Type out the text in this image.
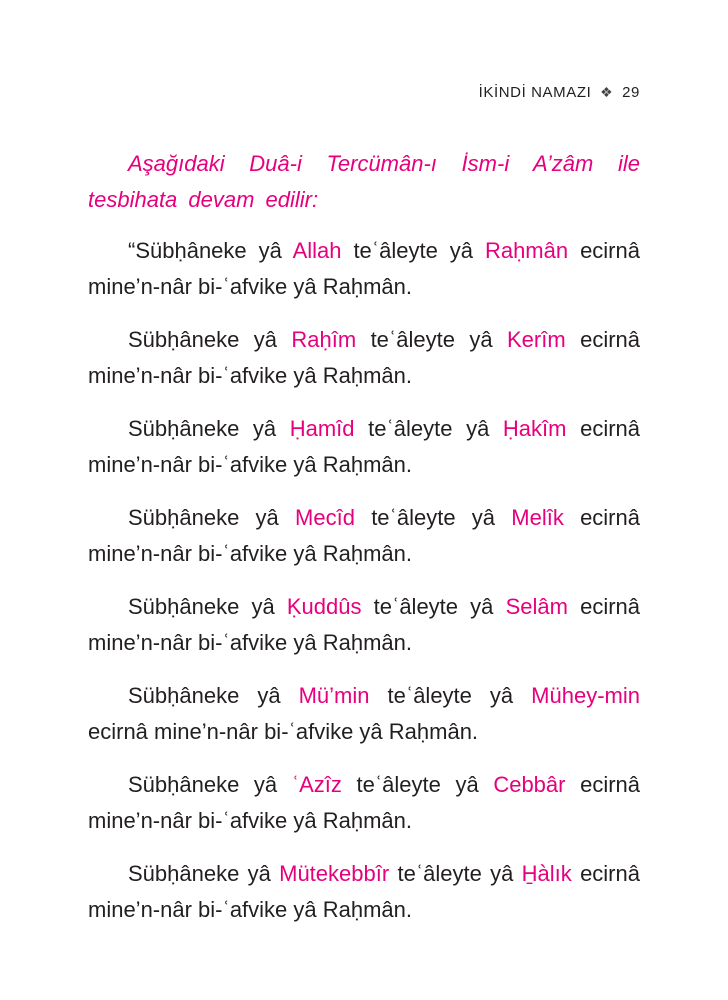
İKİNDİ NAMAZI ❖ 29

Aşağıdaki Duâ-i Tercümân-ı İsm-i A’zâm ile tesbihata devam edilir:

“Sübḥâneke yâ Allah teʿâleyte yâ Raḥmân ecirnâ mine’n-nâr bi-ʿafvike yâ Raḥmân.

Sübḥâneke yâ Raḥîm teʿâleyte yâ Kerîm ecirnâ mine’n-nâr bi-ʿafvike yâ Raḥmân.

Sübḥâneke yâ Ḥamîd teʿâleyte yâ Ḥakîm ecirnâ mine’n-nâr bi-ʿafvike yâ Raḥmân.

Sübḥâneke yâ Mecîd teʿâleyte yâ Melîk ecirnâ mine’n-nâr bi-ʿafvike yâ Raḥmân.

Sübḥâneke yâ Ḳuddûs teʿâleyte yâ Selâm ecirnâ mine’n-nâr bi-ʿafvike yâ Raḥmân.

Sübḥâneke yâ Mü’min teʿâleyte yâ Mühey-min ecirnâ mine’n-nâr bi-ʿafvike yâ Raḥmân.

Sübḥâneke yâ ʿAzîz teʿâleyte yâ Cebbâr ecirnâ mine’n-nâr bi-ʿafvike yâ Raḥmân.

Sübḥâneke yâ Mütekebbîr teʿâleyte yâ H̱àlık ecirnâ mine’n-nâr bi-ʿafvike yâ Raḥmân.
